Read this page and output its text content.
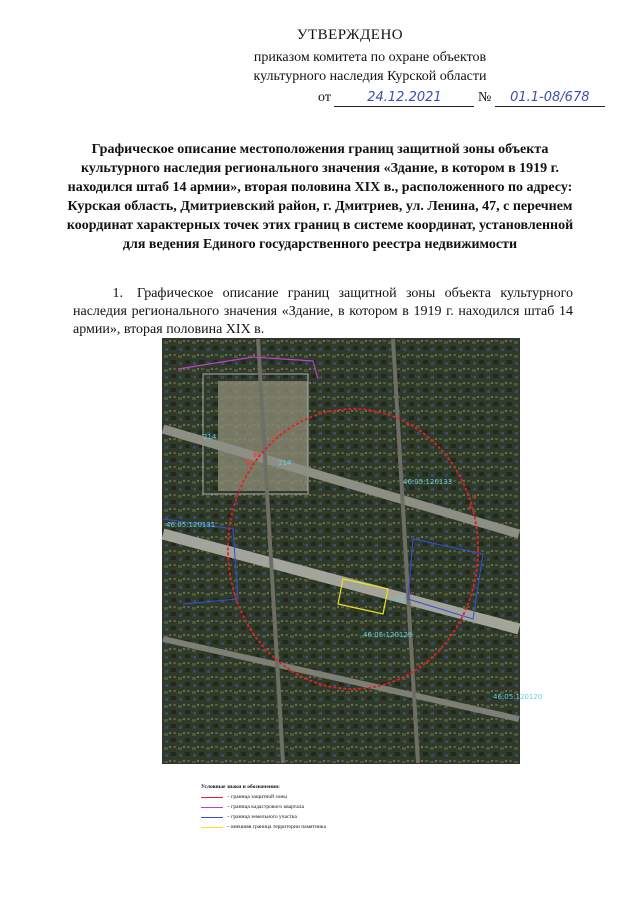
УТВЕРЖДЕНО
приказом комитета по охране объектов
культурного наследия Курской области
от	24.12.2021	№ 01.1-08/678
Графическое описание местоположения границ защитной зоны объекта культурного наследия регионального значения «Здание, в котором в 1919 г. находился штаб 14 армии», вторая половина XIX в., расположенного по адресу: Курская область, Дмитриевский район, г. Дмитриев, ул. Ленина, 47, с перечнем координат характерных точек этих границ в системе координат, установленной для ведения Единого государственного реестра недвижимости
1. Графическое описание границ защитной зоны объекта культурного наследия регионального значения «Здание, в котором в 1919 г. находился штаб 14 армии», вторая половина XIX в.
214
46:05:120133
46:05:120131
46:05:120129
46:05:120120
214
21
88
1
2
3
4
68
Условные знаки и обозначения:
– граница защитной зоны
– граница кадастрового квартала
– граница земельного участка
– внешняя граница территории памятника
